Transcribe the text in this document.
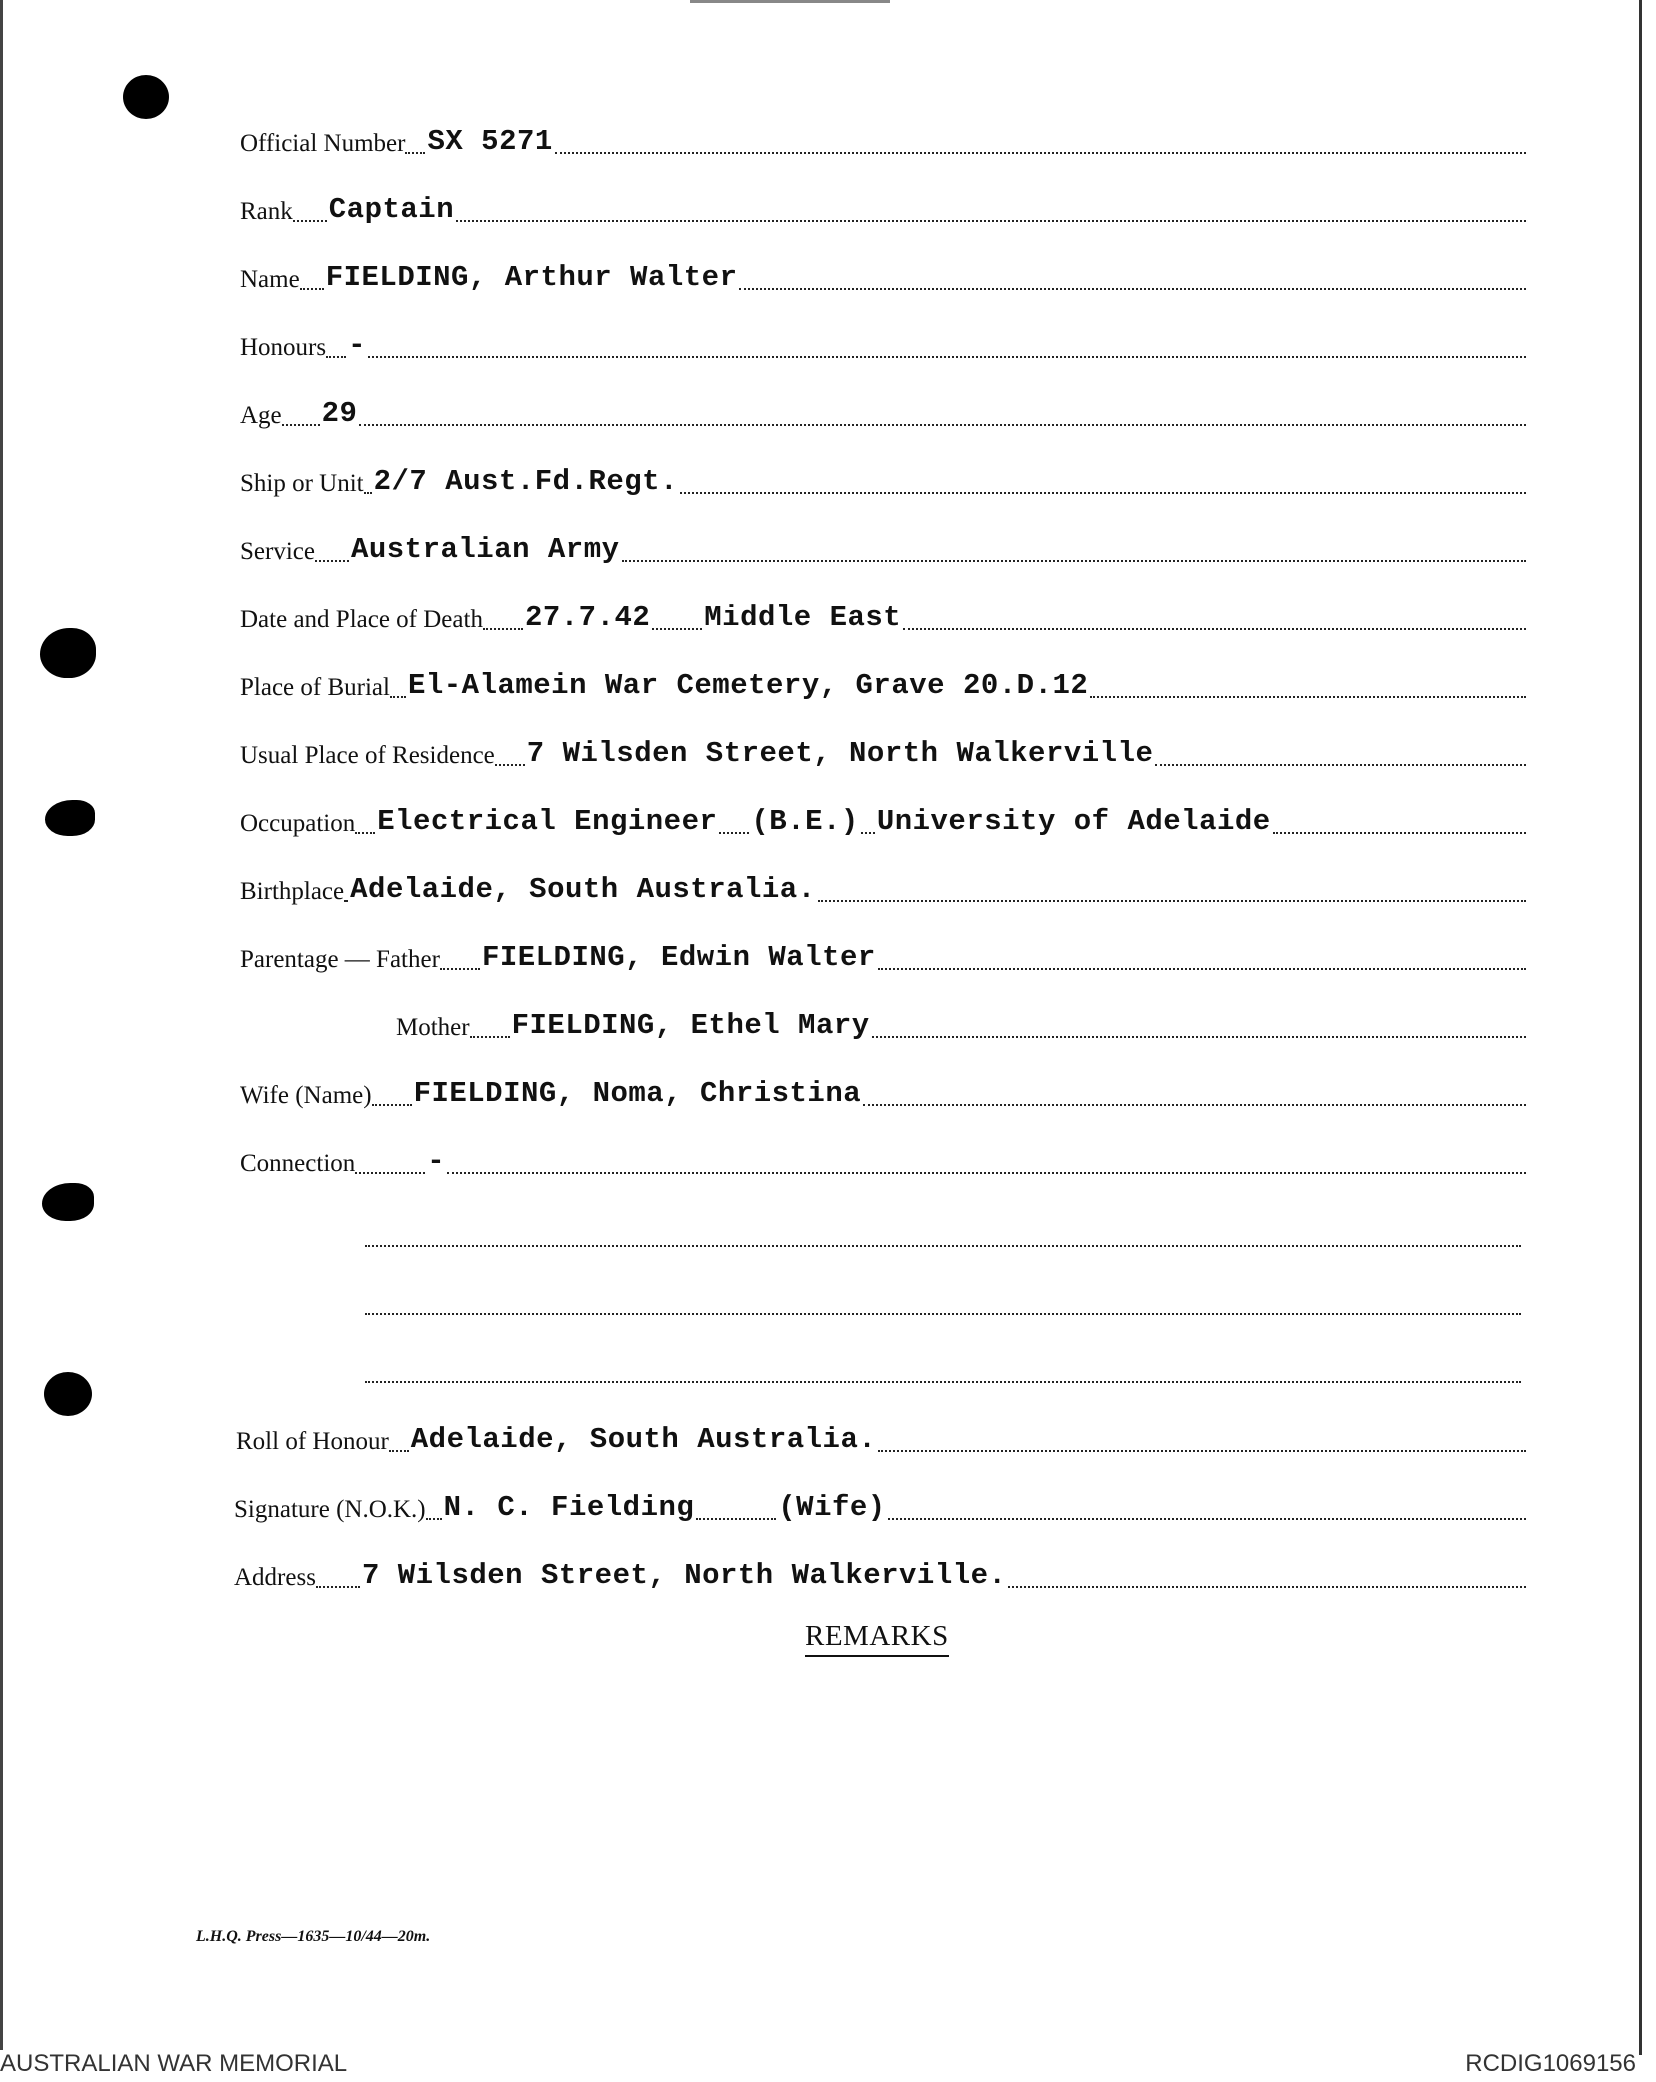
Official Number SX 5271
Rank Captain
Name FIELDING, Arthur Walter
Honours -
Age 29
Ship or Unit 2/7 Aust.Fd.Regt.
Service Australian Army
Date and Place of Death 27.7.42 Middle East
Place of Burial El-Alamein War Cemetery, Grave 20.D.12
Usual Place of Residence 7 Wilsden Street, North Walkerville
Occupation Electrical Engineer (B.E.) University of Adelaide
Birthplace Adelaide, South Australia.
Parentage — Father FIELDING, Edwin Walter
Mother FIELDING, Ethel Mary
Wife (Name) FIELDING, Noma, Christina
Connection -
Roll of Honour Adelaide, South Australia.
Signature (N.O.K.) N. C. Fielding	(Wife)
Address 7 Wilsden Street, North Walkerville.
REMARKS
L.H.Q. Press—1635—10/44—20m.
AUSTRALIAN WAR MEMORIAL	RCDIG1069156
